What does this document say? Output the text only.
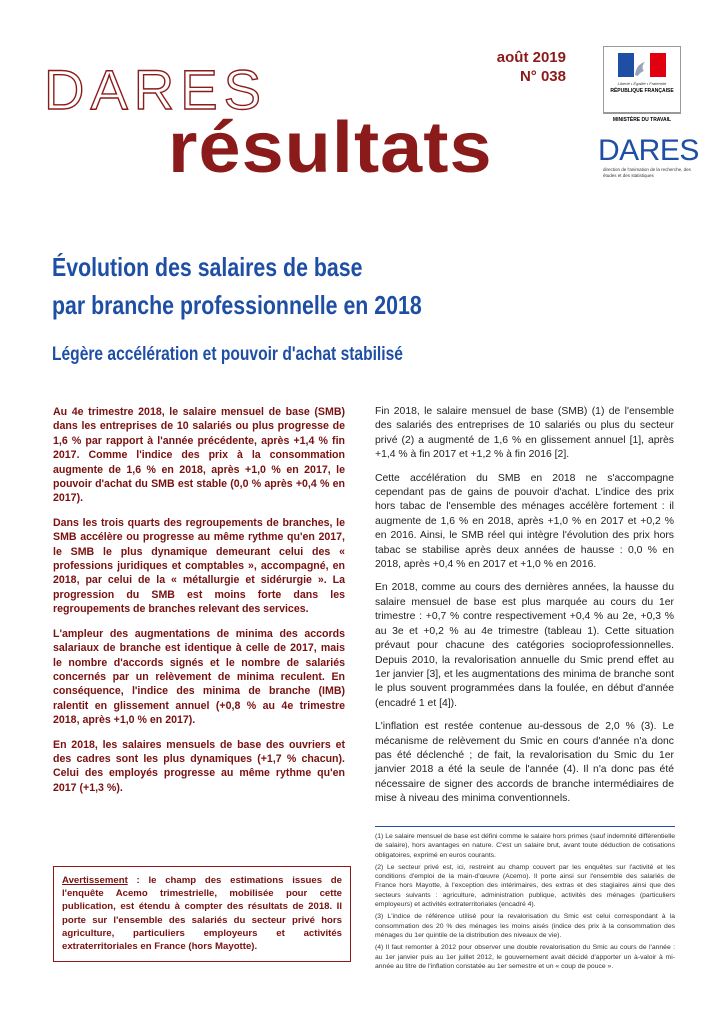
DARES
résultats
août 2019
N° 038	Liberté • Égalité • Fraternité
RÉPUBLIQUE FRANÇAISE
MINISTÈRE DU TRAVAIL
DARES
direction de l'animation de la recherche, des études et des statistiques
Évolution des salaires de base
par branche professionnelle en 2018
Légère accélération et pouvoir d'achat stabilisé

Au 4e trimestre 2018, le salaire mensuel de base (SMB) dans les entreprises de 10 salariés ou plus progresse de 1,6 % par rapport à l'année précédente, après +1,4 % fin 2017. Comme l'indice des prix à la consommation augmente de 1,6 % en 2018, après +1,0 % en 2017, le pouvoir d'achat du SMB est stable (0,0 % après +0,4 % en 2017).

Dans les trois quarts des regroupements de branches, le SMB accélère ou progresse au même rythme qu'en 2017, le SMB le plus dynamique demeurant celui des « professions juridiques et comptables », accompagné, en 2018, par celui de la « métallurgie et sidérurgie ». La progression du SMB est moins forte dans les regroupements de branches relevant des services.

L'ampleur des augmentations de minima des accords salariaux de branche est identique à celle de 2017, mais le nombre d'accords signés et le nombre de salariés concernés par un relèvement de minima reculent. En conséquence, l'indice des minima de branche (IMB) ralentit en glissement annuel (+0,8 % au 4e trimestre 2018, après +1,0 % en 2017).

En 2018, les salaires mensuels de base des ouvriers et des cadres sont les plus dynamiques (+1,7 % chacun). Celui des employés progresse au même rythme qu'en 2017 (+1,3 %).

Avertissement : le champ des estimations issues de l'enquête Acemo trimestrielle, mobilisée pour cette publication, est étendu à compter des résultats de 2018. Il porte sur l'ensemble des salariés du secteur privé hors agriculture, particuliers employeurs et activités extraterritoriales en France (hors Mayotte).

Fin 2018, le salaire mensuel de base (SMB) (1) de l'ensemble des salariés des entreprises de 10 salariés ou plus du secteur privé (2) a augmenté de 1,6 % en glissement annuel [1], après +1,4 % à fin 2017 et +1,2 % à fin 2016 [2].

Cette accélération du SMB en 2018 ne s'accompagne cependant pas de gains de pouvoir d'achat. L'indice des prix hors tabac de l'ensemble des ménages accélère fortement : il augmente de 1,6 % en 2018, après +1,0 % en 2017 et +0,2 % en 2016. Ainsi, le SMB réel qui intègre l'évolution des prix hors tabac se stabilise après deux années de hausse : 0,0 % en 2018, après +0,4 % en 2017 et +1,0 % en 2016.

En 2018, comme au cours des dernières années, la hausse du salaire mensuel de base est plus marquée au cours du 1er trimestre : +0,7 % contre respectivement +0,4 % au 2e, +0,3 % au 3e et +0,2 % au 4e trimestre (tableau 1). Cette situation prévaut pour chacune des catégories socioprofessionnelles. Depuis 2010, la revalorisation annuelle du Smic prend effet au 1er janvier [3], et les augmentations des minima de branche sont le plus souvent programmées dans la foulée, en début d'année (encadré 1 et [4]).

L'inflation est restée contenue au-dessous de 2,0 % (3). Le mécanisme de relèvement du Smic en cours d'année n'a donc pas été déclenché ; de fait, la revalorisation du Smic du 1er janvier 2018 a été la seule de l'année (4). Il n'a donc pas été nécessaire de signer des accords de branche intermédiaires de mise à niveau des minima conventionnels.

(1) Le salaire mensuel de base est défini comme le salaire hors primes (sauf indemnité différentielle de salaire), hors avantages en nature. C'est un salaire brut, avant toute déduction de cotisations obligatoires, exprimé en euros courants.

(2) Le secteur privé est, ici, restreint au champ couvert par les enquêtes sur l'activité et les conditions d'emploi de la main-d'œuvre (Acemo). Il porte ainsi sur l'ensemble des salariés de France hors Mayotte, à l'exception des intérimaires, des extras et des stagiaires ainsi que des secteurs suivants : agriculture, administration publique, activités des ménages (particuliers employeurs) et activités extraterritoriales (encadré 4).

(3) L'indice de référence utilisé pour la revalorisation du Smic est celui correspondant à la consommation des 20 % des ménages les moins aisés (indice des prix à la consommation des ménages du 1er quintile de la distribution des niveaux de vie).

(4) Il faut remonter à 2012 pour observer une double revalorisation du Smic au cours de l'année : au 1er janvier puis au 1er juillet 2012, le gouvernement avait décidé d'apporter un à-valoir à mi-année au titre de l'inflation constatée au 1er semestre et un « coup de pouce ».
